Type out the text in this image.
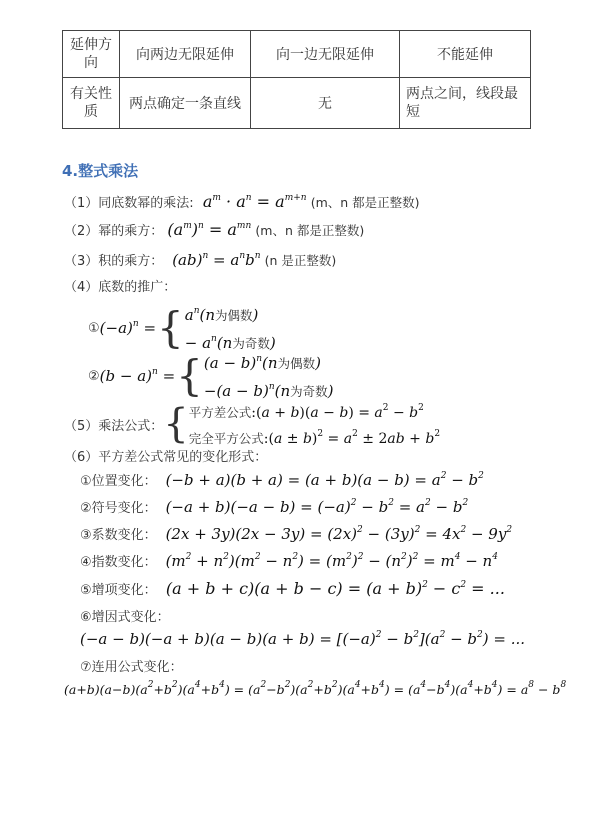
延伸方向	向两边无限延伸	向一边无限延伸	不能延伸
有关性质	两点确定一条直线	无	两点之间，线段最短
4.整式乘法
（1）同底数幂的乘法:  $a^m \cdot a^n = a^{m+n}$ (m、n 都是正整数)
（2）幂的乘方： $(a^m)^n = a^{mn}$ (m、n 都是正整数)
（3）积的乘方：  $(ab)^n = a^nb^n$ (n 是正整数)
（4）底数的推广：
$①(-a)^n$ ={ $a^n(n$为偶数)
− $a^n(n$为奇数)
②(b − a)$^n$ ={ $(a - b)^n(n$为偶数)
$-(a - b)^n(n$为奇数)
（5）乘法公式：{ 平方差公式:(a + $b)(a - b) = a^2 - b^2$
完全平方公式:(a ± $b)^2 = a^2 \pm 2ab + b^2$
（6）平方差公式常见的变化形式：
①位置变化：  $(-b + a)(b + a) = (a + b)(a - b) = a^2 - b^2$
②符号变化：  $(-a + b)(-a - b) = (-a)^2 - b^2 = a^2 - b^2$
③系数变化：  $(2x + 3y)(2x - 3y) = (2x)^2 - (3y)^2 = 4x^2 - 9y^2$
④指数变化：  $(m^2 + n^2)(m^2 - n^2) = (m^2)^2 - (n^2)^2 = m^4 - n^4$
⑤增项变化：  $(a + b + c)(a + b - c) = (a + b)^2 - c^2$ = ...
⑥增因式变化：
$(-a - b)(-a + b)(a - b)(a + b) = [(-a)^2 - b^2](a^2 - b^2)$ = ...
⑦连用公式变化：
$(a+b)(a-b)(a^2+b^2)(a^4+b^4) = (a^2-b^2)(a^2+b^2)(a^4+b^4) = (a^4-b^4)(a^4+b^4) = a^8 - b^8$
